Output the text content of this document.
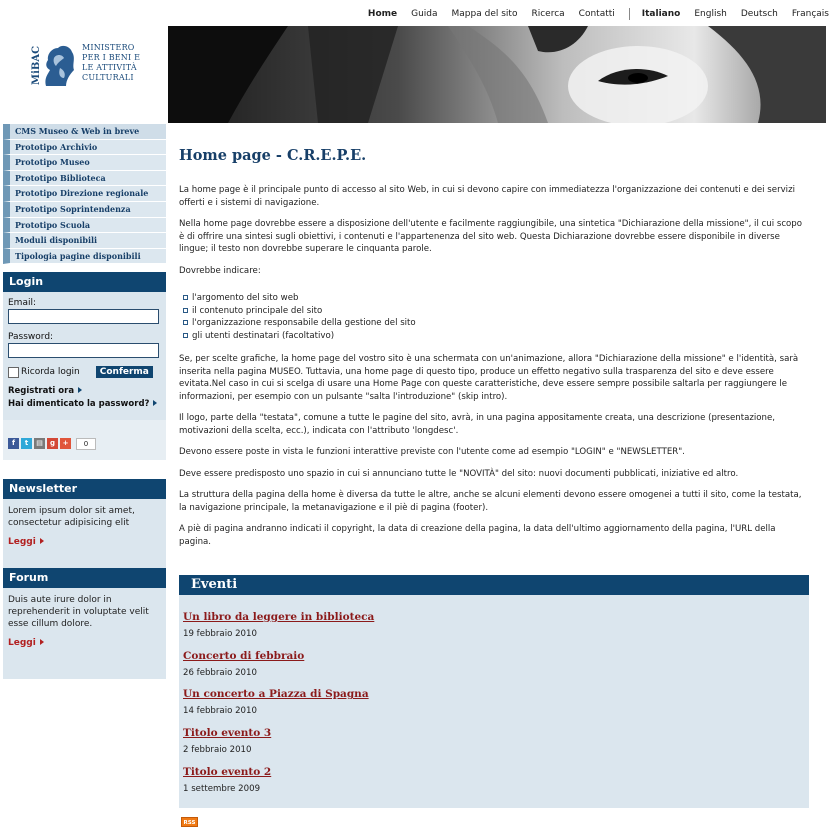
Home Guida Mappa del sito Ricerca Contatti	Italiano English Deutsch Français
MiBAC	MINISTERO
PER I BENI E
LE ATTIVITÀ
CULTURALI
CMS Museo & Web in breve
Prototipo Archivio
Prototipo Museo
Prototipo Biblioteca
Prototipo Direzione regionale
Prototipo Soprintendenza
Prototipo Scuola
Moduli disponibili
Tipologia pagine disponibili
Login
Email:
Password:
Ricorda login	Conferma
Registrati ora
Hai dimenticato la password?
f	t	▤	g	+	0
Newsletter

Lorem ipsum dolor sit amet, consectetur adipisicing elit

Leggi
Forum

Duis aute irure dolor in reprehenderit in voluptate velit esse cillum dolore.

Leggi
Home page - C.R.E.P.E.

La home page è il principale punto di accesso al sito Web, in cui si devono capire con immediatezza l'organizzazione dei contenuti e dei servizi offerti e i sistemi di navigazione.

Nella home page dovrebbe essere a disposizione dell'utente e facilmente raggiungibile, una sintetica "Dichiarazione della missione", il cui scopo è di offrire una sintesi sugli obiettivi, i contenuti e l'appartenenza del sito web. Questa Dichiarazione dovrebbe essere disponibile in diverse lingue; il testo non dovrebbe superare le cinquanta parole.

Dovrebbe indicare:

l'argomento del sito web
il contenuto principale del sito
l'organizzazione responsabile della gestione del sito
gli utenti destinatari (facoltativo)

Se, per scelte grafiche, la home page del vostro sito è una schermata con un'animazione, allora "Dichiarazione della missione" e l'identità, sarà inserita nella pagina MUSEO. Tuttavia, una home page di questo tipo, produce un effetto negativo sulla trasparenza del sito e deve essere evitata.Nel caso in cui si scelga di usare una Home Page con queste caratteristiche, deve essere sempre possibile saltarla per raggiungere le informazioni, per esempio con un pulsante "salta l'introduzione" (skip intro).

Il logo, parte della "testata", comune a tutte le pagine del sito, avrà, in una pagina appositamente creata, una descrizione (presentazione, motivazioni della scelta, ecc.), indicata con l'attributo 'longdesc'.

Devono essere poste in vista le funzioni interattive previste con l'utente come ad esempio "LOGIN" e "NEWSLETTER".

Deve essere predisposto uno spazio in cui si annunciano tutte le "NOVITÀ" del sito: nuovi documenti pubblicati, iniziative ed altro.

La struttura della pagina della home è diversa da tutte le altre, anche se alcuni elementi devono essere omogenei a tutti il sito, come la testata, la navigazione principale, la metanavigazione e il piè di pagina (footer).

A piè di pagina andranno indicati il copyright, la data di creazione della pagina, la data dell'ultimo aggiornamento della pagina, l'URL della pagina.

Eventi
Un libro da leggere in biblioteca
19 febbraio 2010
Concerto di febbraio
26 febbraio 2010
Un concerto a Piazza di Spagna
14 febbraio 2010
Titolo evento 3
2 febbraio 2010
Titolo evento 2
1 settembre 2009
RSS
